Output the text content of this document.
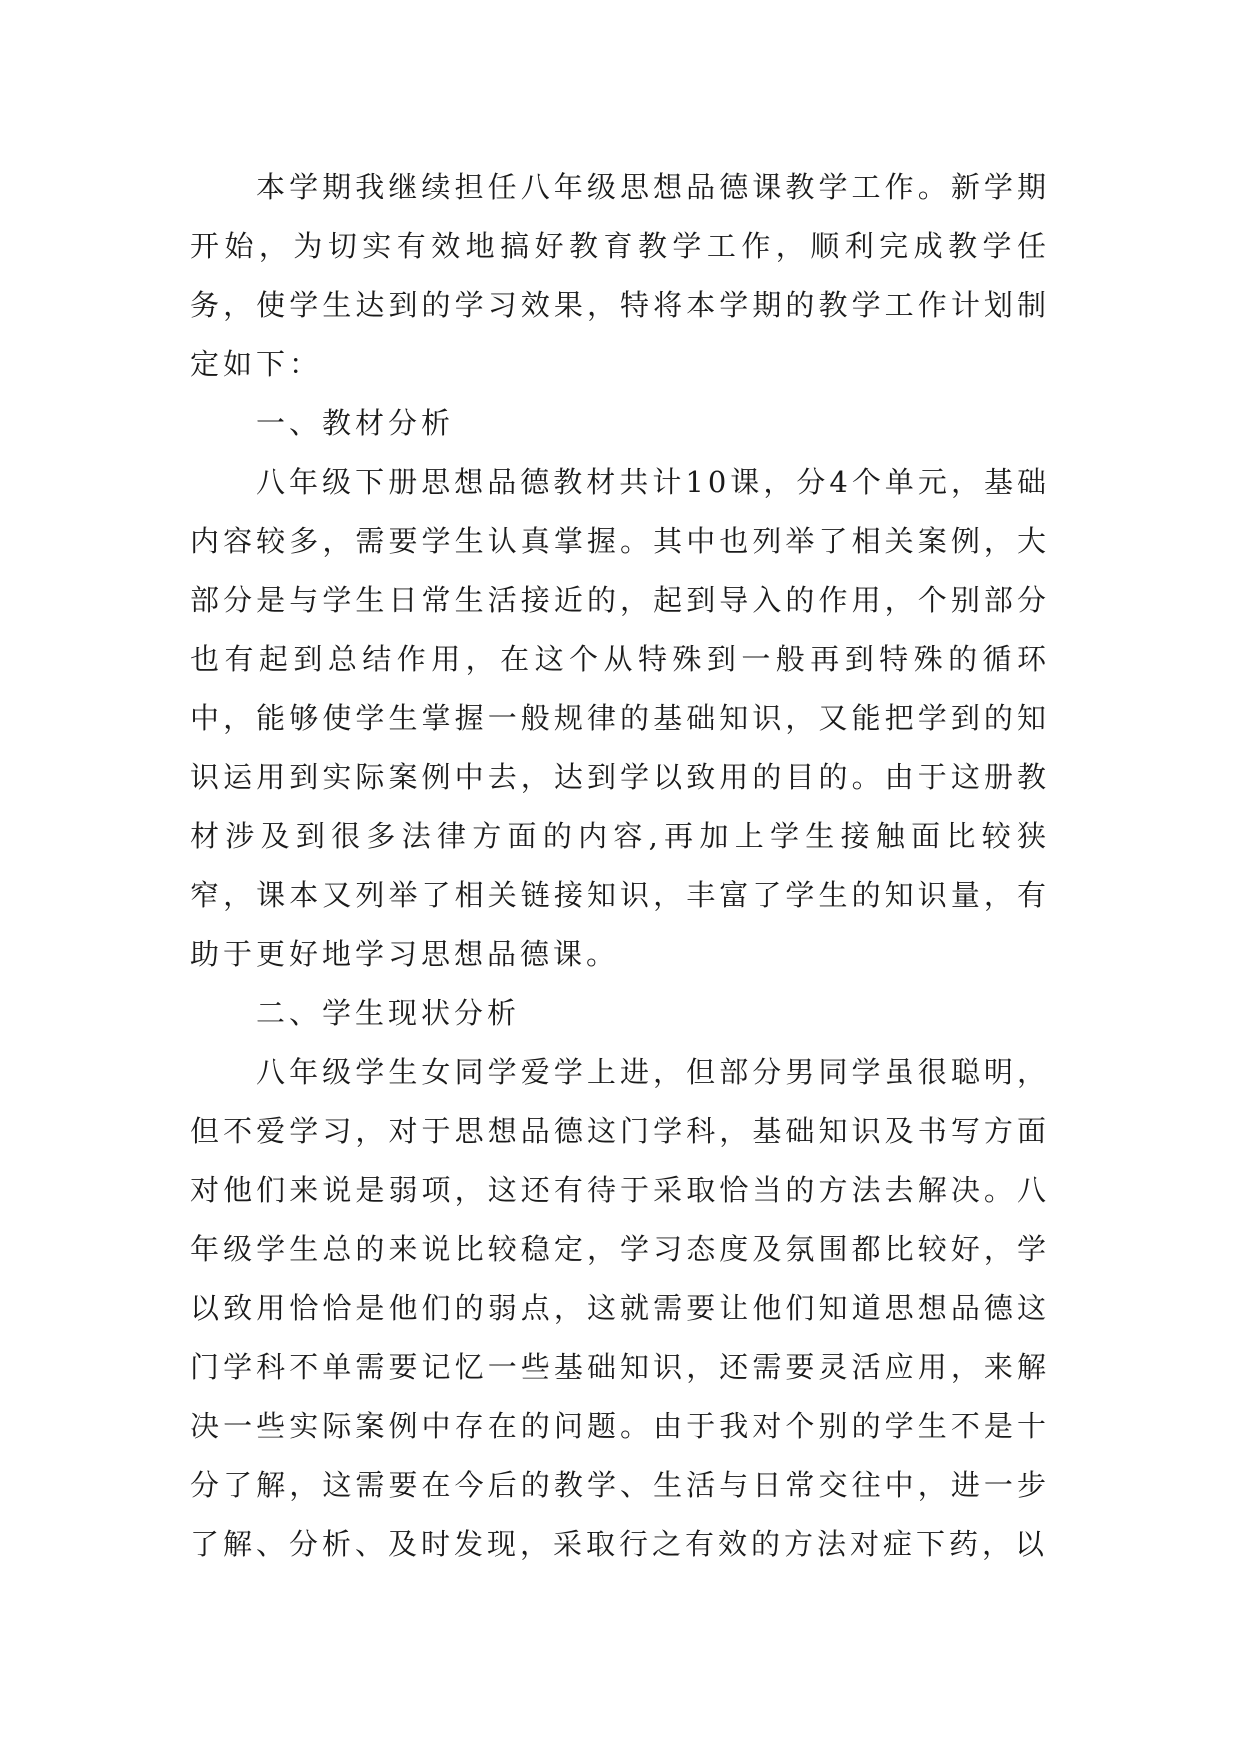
本学期我继续担任八年级思想品德课教学工作。新学期开始，为切实有效地搞好教育教学工作，顺利完成教学任务，使学生达到的学习效果，特将本学期的教学工作计划制定如下：

一、教材分析

八年级下册思想品德教材共计10课，分4个单元，基础内容较多，需要学生认真掌握。其中也列举了相关案例，大部分是与学生日常生活接近的，起到导入的作用，个别部分也有起到总结作用，在这个从特殊到一般再到特殊的循环中，能够使学生掌握一般规律的基础知识，又能把学到的知识运用到实际案例中去，达到学以致用的目的。由于这册教材涉及到很多法律方面的内容,再加上学生接触面比较狭窄，课本又列举了相关链接知识，丰富了学生的知识量，有助于更好地学习思想品德课。

二、学生现状分析

八年级学生女同学爱学上进，但部分男同学虽很聪明，但不爱学习，对于思想品德这门学科，基础知识及书写方面对他们来说是弱项，这还有待于采取恰当的方法去解决。八年级学生总的来说比较稳定，学习态度及氛围都比较好，学以致用恰恰是他们的弱点，这就需要让他们知道思想品德这门学科不单需要记忆一些基础知识，还需要灵活应用，来解决一些实际案例中存在的问题。由于我对个别的学生不是十分了解，这需要在今后的教学、生活与日常交往中，进一步了解、分析、及时发现，采取行之有效的方法对症下药，以
